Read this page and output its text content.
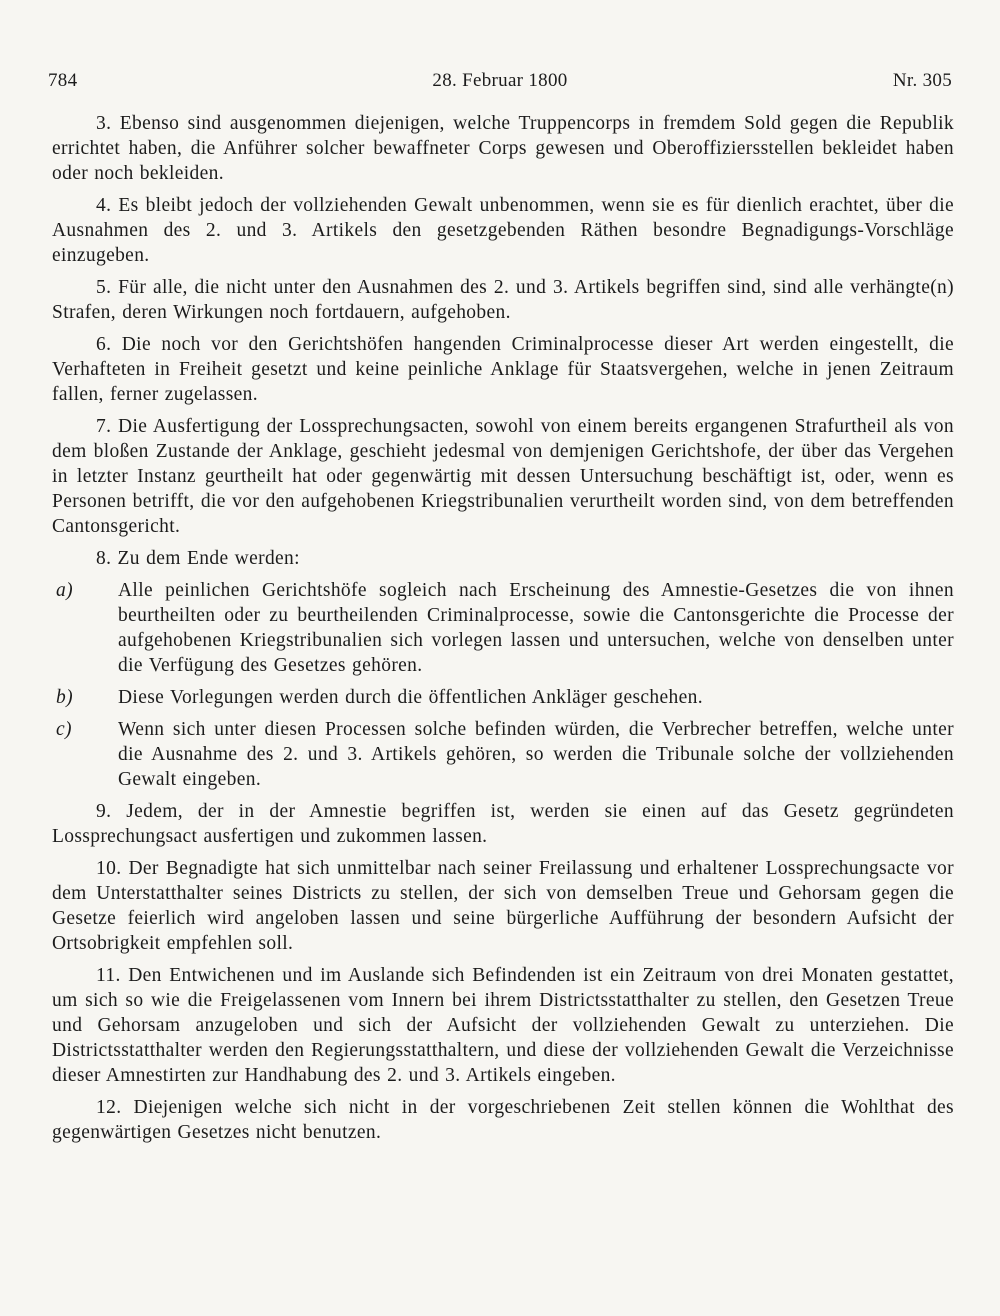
784	28. Februar 1800	Nr. 305

3. Ebenso sind ausgenommen diejenigen, welche Truppencorps in fremdem Sold gegen die Republik errichtet haben, die Anführer solcher bewaffneter Corps gewesen und Oberoffiziersstellen bekleidet haben oder noch bekleiden.

4. Es bleibt jedoch der vollziehenden Gewalt unbenommen, wenn sie es für dienlich erachtet, über die Ausnahmen des 2. und 3. Artikels den gesetzgebenden Räthen besondre Begnadigungs-Vorschläge einzugeben.

5. Für alle, die nicht unter den Ausnahmen des 2. und 3. Artikels begriffen sind, sind alle verhängte(n) Strafen, deren Wirkungen noch fortdauern, aufgehoben.

6. Die noch vor den Gerichtshöfen hangenden Criminalprocesse dieser Art werden eingestellt, die Verhafteten in Freiheit gesetzt und keine peinliche Anklage für Staatsvergehen, welche in jenen Zeitraum fallen, ferner zugelassen.

7. Die Ausfertigung der Lossprechungsacten, sowohl von einem bereits ergangenen Strafurtheil als von dem bloßen Zustande der Anklage, geschieht jedesmal von demjenigen Gerichtshofe, der über das Vergehen in letzter Instanz geurtheilt hat oder gegenwärtig mit dessen Untersuchung beschäftigt ist, oder, wenn es Personen betrifft, die vor den aufgehobenen Kriegstribunalien verurtheilt worden sind, von dem betreffenden Cantonsgericht.

8. Zu dem Ende werden:

a) Alle peinlichen Gerichtshöfe sogleich nach Erscheinung des Amnestie-Gesetzes die von ihnen beurtheilten oder zu beurtheilenden Criminalprocesse, sowie die Cantonsgerichte die Processe der aufgehobenen Kriegstribunalien sich vorlegen lassen und untersuchen, welche von denselben unter die Verfügung des Gesetzes gehören.
b) Diese Vorlegungen werden durch die öffentlichen Ankläger geschehen.
c) Wenn sich unter diesen Processen solche befinden würden, die Verbrecher betreffen, welche unter die Ausnahme des 2. und 3. Artikels gehören, so werden die Tribunale solche der vollziehenden Gewalt eingeben.

9. Jedem, der in der Amnestie begriffen ist, werden sie einen auf das Gesetz gegründeten Lossprechungsact ausfertigen und zukommen lassen.

10. Der Begnadigte hat sich unmittelbar nach seiner Freilassung und erhaltener Lossprechungsacte vor dem Unterstatthalter seines Districts zu stellen, der sich von demselben Treue und Gehorsam gegen die Gesetze feierlich wird angeloben lassen und seine bürgerliche Aufführung der besondern Aufsicht der Ortsobrigkeit empfehlen soll.

11. Den Entwichenen und im Auslande sich Befindenden ist ein Zeitraum von drei Monaten gestattet, um sich so wie die Freigelassenen vom Innern bei ihrem Districtsstatthalter zu stellen, den Gesetzen Treue und Gehorsam anzugeloben und sich der Aufsicht der vollziehenden Gewalt zu unterziehen. Die Districtsstatthalter werden den Regierungsstatthaltern, und diese der vollziehenden Gewalt die Verzeichnisse dieser Amnestirten zur Handhabung des 2. und 3. Artikels eingeben.

12. Diejenigen welche sich nicht in der vorgeschriebenen Zeit stellen können die Wohlthat des gegenwärtigen Gesetzes nicht benutzen.
